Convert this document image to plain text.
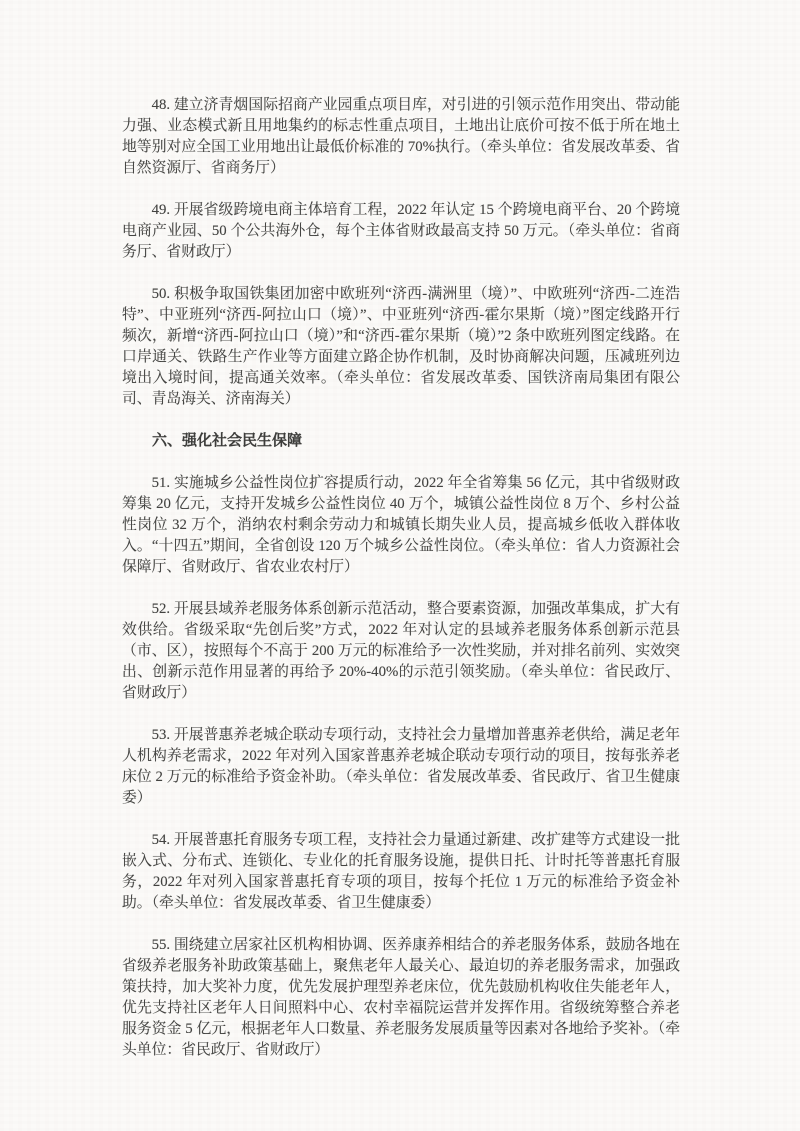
48. 建立济青烟国际招商产业园重点项目库，对引进的引领示范作用突出、带动能力强、业态模式新且用地集约的标志性重点项目，土地出让底价可按不低于所在地土地等别对应全国工业用地出让最低价标准的 70%执行。（牵头单位：省发展改革委、省自然资源厅、省商务厅）

49. 开展省级跨境电商主体培育工程，2022 年认定 15 个跨境电商平台、20 个跨境电商产业园、50 个公共海外仓，每个主体省财政最高支持 50 万元。（牵头单位：省商务厅、省财政厅）

50. 积极争取国铁集团加密中欧班列“济西-满洲里（境）”、中欧班列“济西-二连浩特”、中亚班列“济西-阿拉山口（境）”、中亚班列“济西-霍尔果斯（境）”图定线路开行频次，新增“济西-阿拉山口（境）”和“济西-霍尔果斯（境）”2 条中欧班列图定线路。在口岸通关、铁路生产作业等方面建立路企协作机制，及时协商解决问题，压减班列边境出入境时间，提高通关效率。（牵头单位：省发展改革委、国铁济南局集团有限公司、青岛海关、济南海关）

六、强化社会民生保障

51. 实施城乡公益性岗位扩容提质行动，2022 年全省筹集 56 亿元，其中省级财政筹集 20 亿元，支持开发城乡公益性岗位 40 万个，城镇公益性岗位 8 万个、乡村公益性岗位 32 万个，消纳农村剩余劳动力和城镇长期失业人员，提高城乡低收入群体收入。“十四五”期间，全省创设 120 万个城乡公益性岗位。（牵头单位：省人力资源社会保障厅、省财政厅、省农业农村厅）

52. 开展县域养老服务体系创新示范活动，整合要素资源，加强改革集成，扩大有效供给。省级采取“先创后奖”方式，2022 年对认定的县域养老服务体系创新示范县（市、区），按照每个不高于 200 万元的标准给予一次性奖励，并对排名前列、实效突出、创新示范作用显著的再给予 20%-40%的示范引领奖励。（牵头单位：省民政厅、省财政厅）

53. 开展普惠养老城企联动专项行动，支持社会力量增加普惠养老供给，满足老年人机构养老需求，2022 年对列入国家普惠养老城企联动专项行动的项目，按每张养老床位 2 万元的标准给予资金补助。（牵头单位：省发展改革委、省民政厅、省卫生健康委）

54. 开展普惠托育服务专项工程，支持社会力量通过新建、改扩建等方式建设一批嵌入式、分布式、连锁化、专业化的托育服务设施，提供日托、计时托等普惠托育服务，2022 年对列入国家普惠托育专项的项目，按每个托位 1 万元的标准给予资金补助。（牵头单位：省发展改革委、省卫生健康委）

55. 围绕建立居家社区机构相协调、医养康养相结合的养老服务体系，鼓励各地在省级养老服务补助政策基础上，聚焦老年人最关心、最迫切的养老服务需求，加强政策扶持，加大奖补力度，优先发展护理型养老床位，优先鼓励机构收住失能老年人，优先支持社区老年人日间照料中心、农村幸福院运营并发挥作用。省级统筹整合养老服务资金 5 亿元，根据老年人口数量、养老服务发展质量等因素对各地给予奖补。（牵头单位：省民政厅、省财政厅）
